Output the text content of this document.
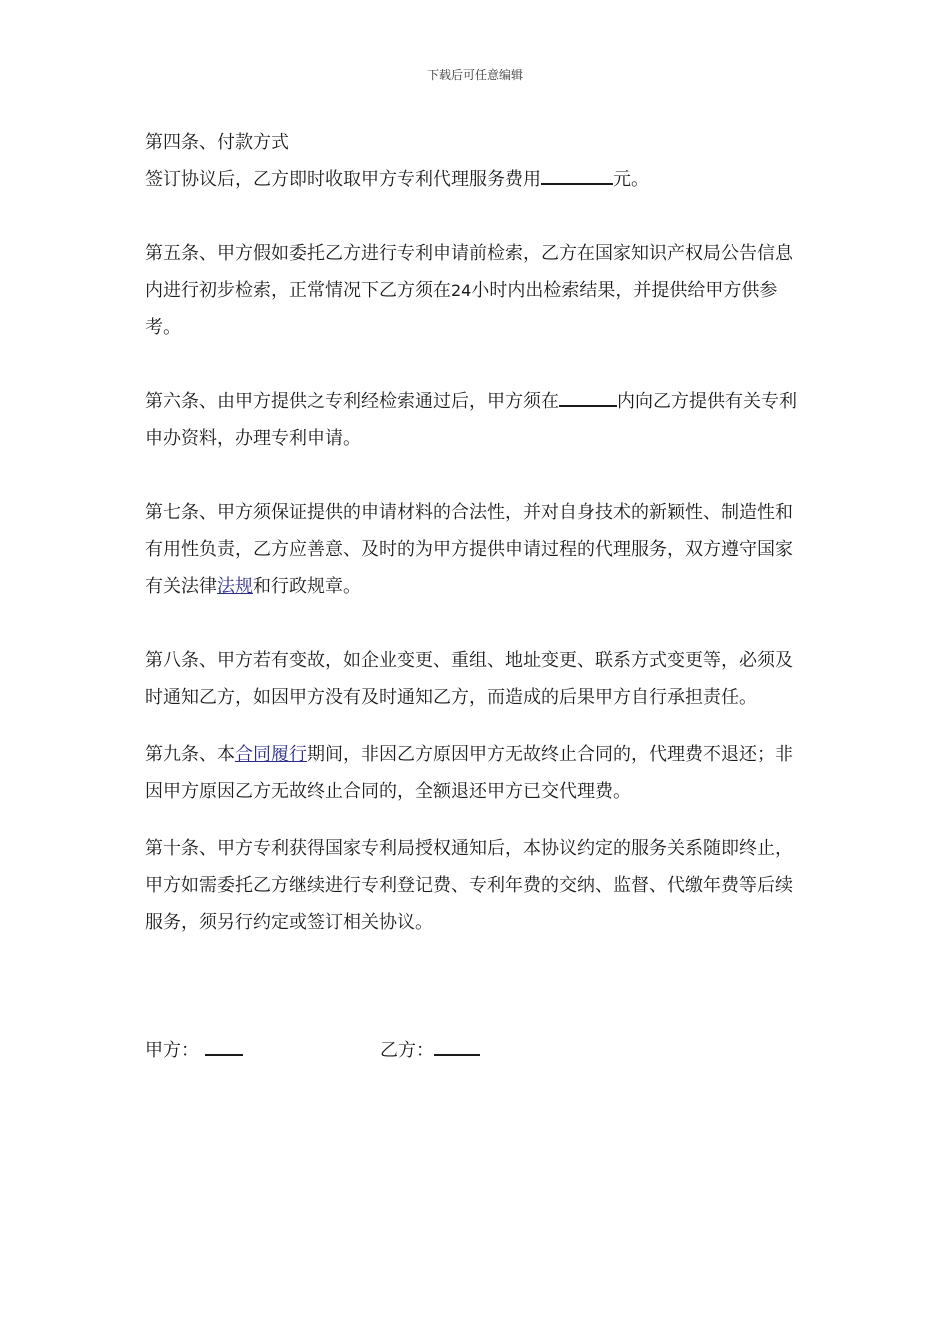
下载后可任意编辑

第四条、付款方式

签订协议后，乙方即时收取甲方专利代理服务费用	元。

第五条、甲方假如委托乙方进行专利申请前检索，乙方在国家知识产权局公告信息内进行初步检索，正常情况下乙方须在24小时内出检索结果，并提供给甲方供参考。

第六条、由甲方提供之专利经检索通过后，甲方须在	内向乙方提供有关专利申办资料，办理专利申请。

第七条、甲方须保证提供的申请材料的合法性，并对自身技术的新颖性、制造性和有用性负责，乙方应善意、及时的为甲方提供申请过程的代理服务，双方遵守国家有关法律法规和行政规章。

第八条、甲方若有变故，如企业变更、重组、地址变更、联系方式变更等，必须及时通知乙方，如因甲方没有及时通知乙方，而造成的后果甲方自行承担责任。

第九条、本合同履行期间，非因乙方原因甲方无故终止合同的，代理费不退还；非因甲方原因乙方无故终止合同的，全额退还甲方已交代理费。

第十条、甲方专利获得国家专利局授权通知后，本协议约定的服务关系随即终止，甲方如需委托乙方继续进行专利登记费、专利年费的交纳、监督、代缴年费等后续服务，须另行约定或签订相关协议。

甲方：	乙方：
